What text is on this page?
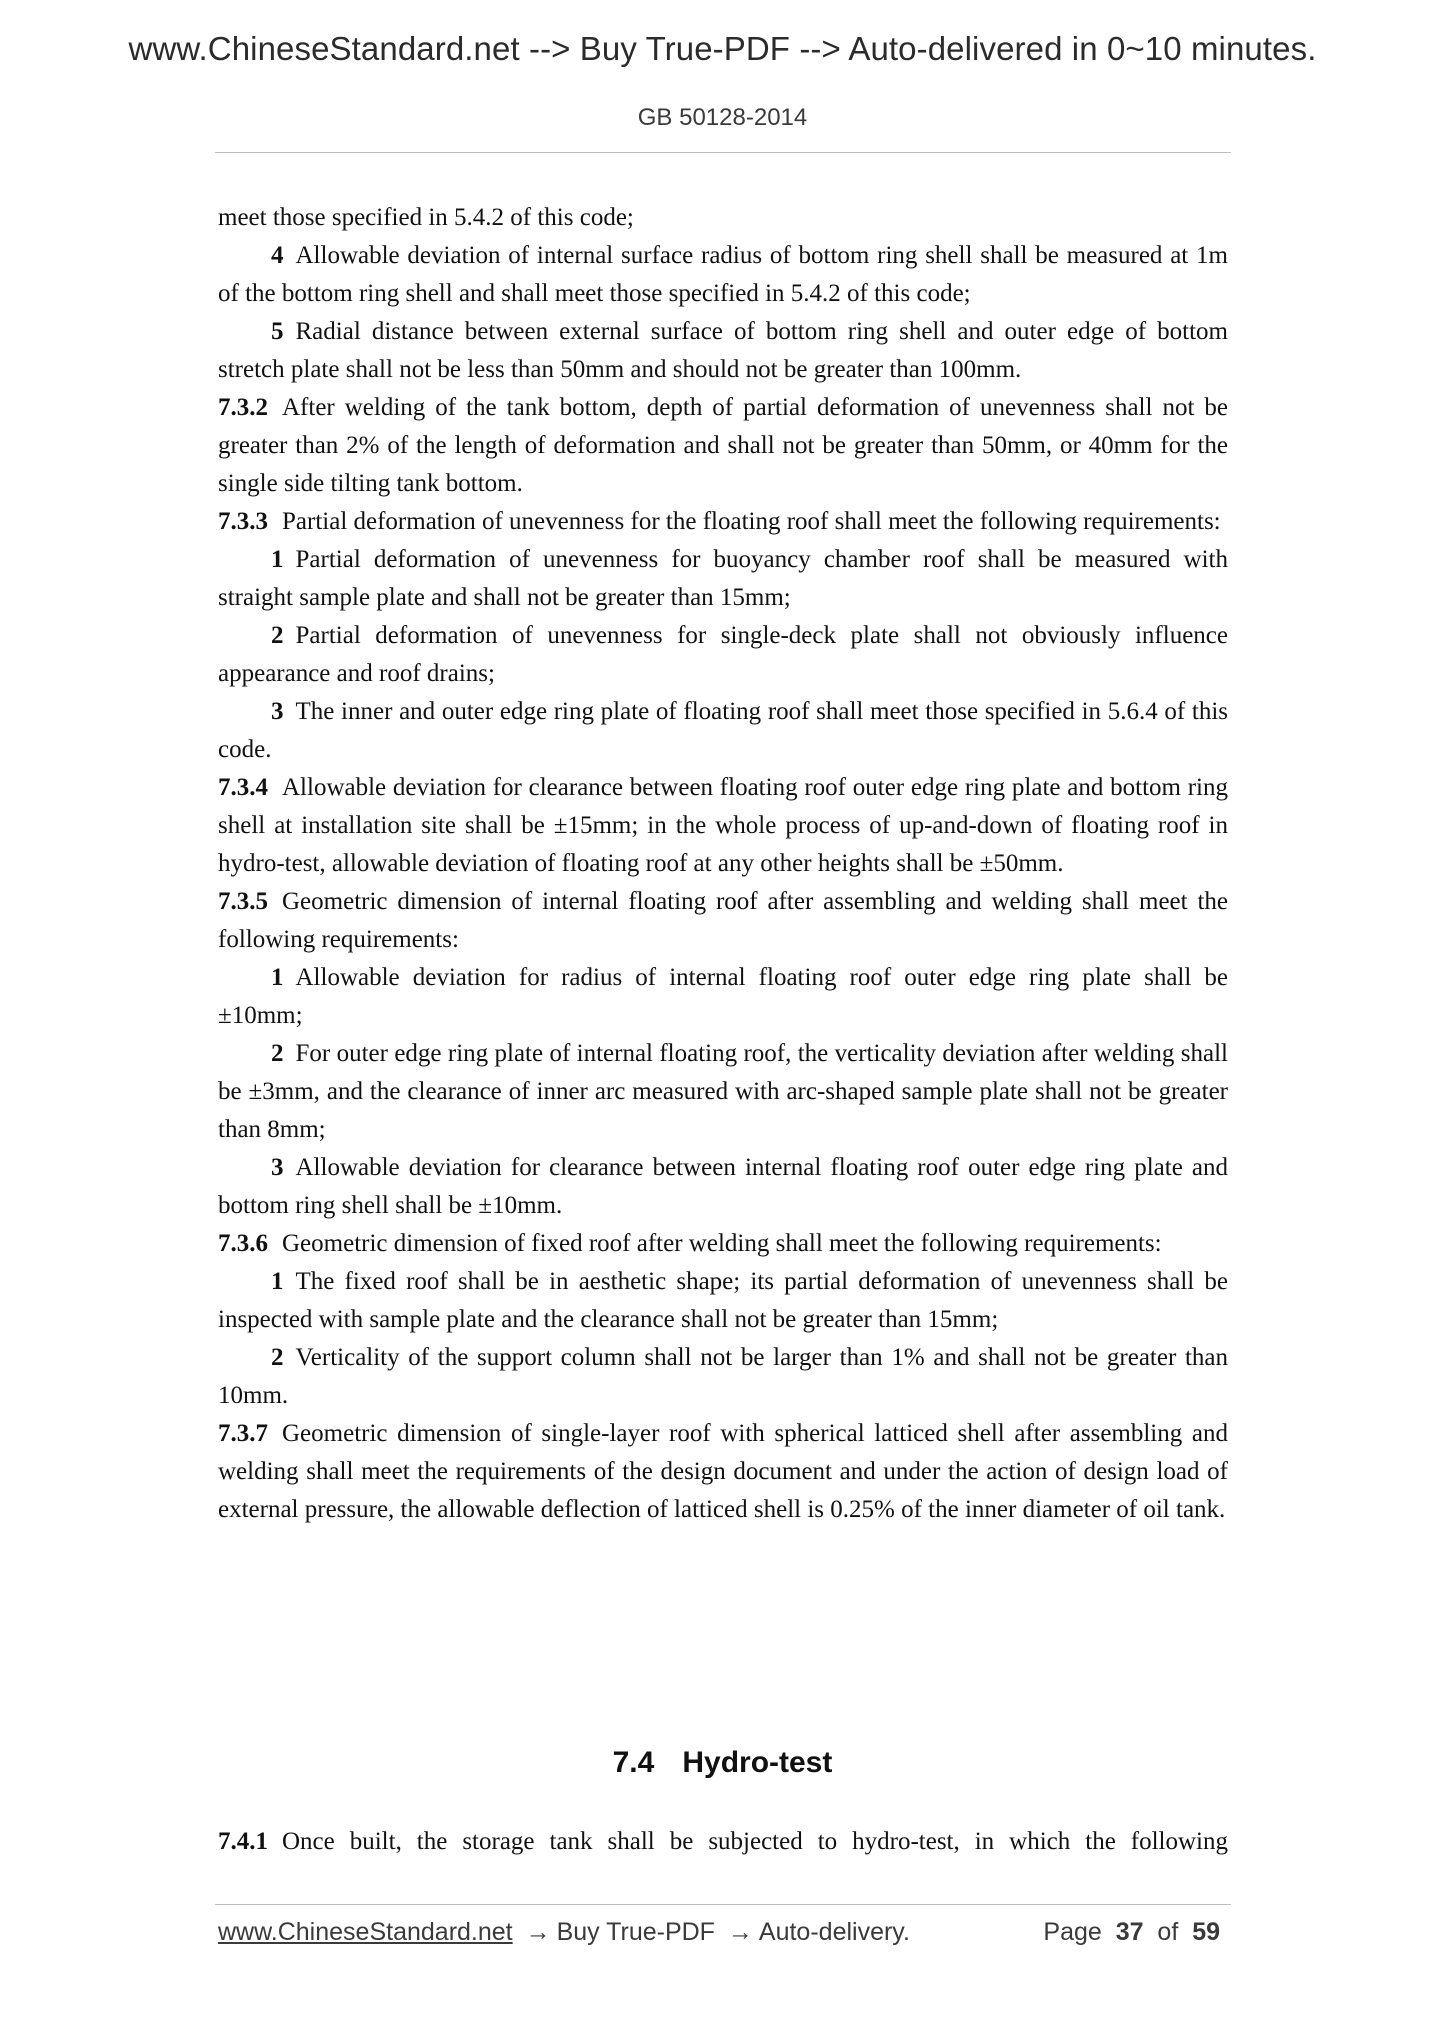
www.ChineseStandard.net --> Buy True-PDF --> Auto-delivered in 0~10 minutes.
GB 50128-2014

meet those specified in 5.4.2 of this code;

4 Allowable deviation of internal surface radius of bottom ring shell shall be measured at 1m of the bottom ring shell and shall meet those specified in 5.4.2 of this code;

5 Radial distance between external surface of bottom ring shell and outer edge of bottom stretch plate shall not be less than 50mm and should not be greater than 100mm.

7.3.2 After welding of the tank bottom, depth of partial deformation of unevenness shall not be greater than 2% of the length of deformation and shall not be greater than 50mm, or 40mm for the single side tilting tank bottom.

7.3.3 Partial deformation of unevenness for the floating roof shall meet the following requirements:

1 Partial deformation of unevenness for buoyancy chamber roof shall be measured with straight sample plate and shall not be greater than 15mm;

2 Partial deformation of unevenness for single-deck plate shall not obviously influence appearance and roof drains;

3 The inner and outer edge ring plate of floating roof shall meet those specified in 5.6.4 of this code.

7.3.4 Allowable deviation for clearance between floating roof outer edge ring plate and bottom ring shell at installation site shall be ±15mm; in the whole process of up-and-down of floating roof in hydro-test, allowable deviation of floating roof at any other heights shall be ±50mm.

7.3.5 Geometric dimension of internal floating roof after assembling and welding shall meet the following requirements:

1 Allowable deviation for radius of internal floating roof outer edge ring plate shall be ±10mm;

2 For outer edge ring plate of internal floating roof, the verticality deviation after welding shall be ±3mm, and the clearance of inner arc measured with arc-shaped sample plate shall not be greater than 8mm;

3 Allowable deviation for clearance between internal floating roof outer edge ring plate and bottom ring shell shall be ±10mm.

7.3.6 Geometric dimension of fixed roof after welding shall meet the following requirements:

1 The fixed roof shall be in aesthetic shape; its partial deformation of unevenness shall be inspected with sample plate and the clearance shall not be greater than 15mm;

2 Verticality of the support column shall not be larger than 1% and shall not be greater than 10mm.

7.3.7 Geometric dimension of single-layer roof with spherical latticed shell after assembling and welding shall meet the requirements of the design document and under the action of design load of external pressure, the allowable deflection of latticed shell is 0.25% of the inner diameter of oil tank.

7.4 Hydro-test

7.4.1 Once built, the storage tank shall be subjected to hydro-test, in which the following

www.ChineseStandard.net → Buy True-PDF → Auto-delivery.	Page 37 of 59
